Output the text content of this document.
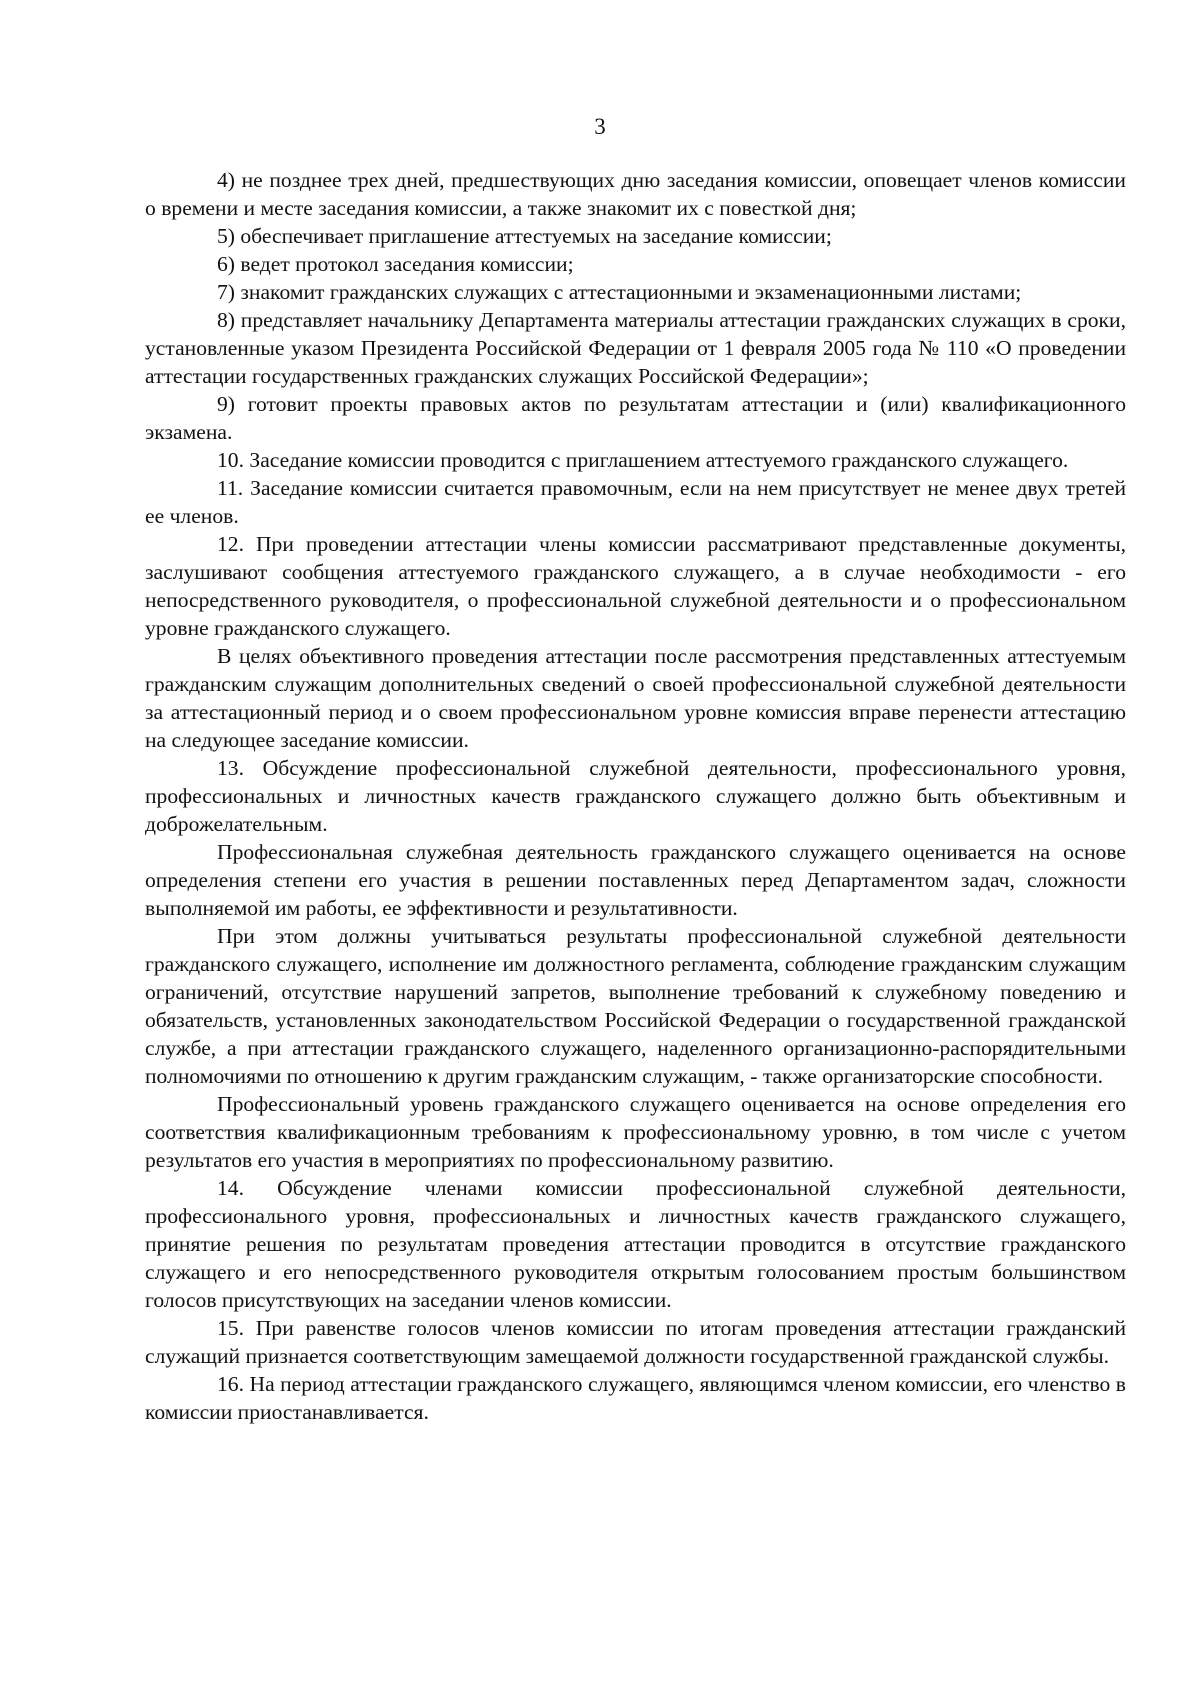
3

4) не позднее трех дней, предшествующих дню заседания комиссии, оповещает членов комиссии о времени и месте заседания комиссии, а также знакомит их с повесткой дня;

5) обеспечивает приглашение аттестуемых на заседание комиссии;

6) ведет протокол заседания комиссии;

7) знакомит гражданских служащих с аттестационными и экзаменационными листами;

8) представляет начальнику Департамента материалы аттестации гражданских служащих в сроки, установленные указом Президента Российской Федерации от 1 февраля 2005 года № 110 «О проведении аттестации государственных гражданских служащих Российской Федерации»;

9) готовит проекты правовых актов по результатам аттестации и (или) квалификационного экзамена.

10. Заседание комиссии проводится с приглашением аттестуемого гражданского служащего.

11. Заседание комиссии считается правомочным, если на нем присутствует не менее двух третей ее членов.

12. При проведении аттестации члены комиссии рассматривают представленные документы, заслушивают сообщения аттестуемого гражданского служащего, а в случае необходимости - его непосредственного руководителя, о профессиональной служебной деятельности и о профессиональном уровне гражданского служащего.

В целях объективного проведения аттестации после рассмотрения представленных аттестуемым гражданским служащим дополнительных сведений о своей профессиональной служебной деятельности за аттестационный период и о своем профессиональном уровне комиссия вправе перенести аттестацию на следующее заседание комиссии.

13. Обсуждение профессиональной служебной деятельности, профессионального уровня, профессиональных и личностных качеств гражданского служащего должно быть объективным и доброжелательным.

Профессиональная служебная деятельность гражданского служащего оценивается на основе определения степени его участия в решении поставленных перед Департаментом задач, сложности выполняемой им работы, ее эффективности и результативности.

При этом должны учитываться результаты профессиональной служебной деятельности гражданского служащего, исполнение им должностного регламента, соблюдение гражданским служащим ограничений, отсутствие нарушений запретов, выполнение требований к служебному поведению и обязательств, установленных законодательством Российской Федерации о государственной гражданской службе, а при аттестации гражданского служащего, наделенного организационно-распорядительными полномочиями по отношению к другим гражданским служащим, - также организаторские способности.

Профессиональный уровень гражданского служащего оценивается на основе определения его соответствия квалификационным требованиям к профессиональному уровню, в том числе с учетом результатов его участия в мероприятиях по профессиональному развитию.

14. Обсуждение членами комиссии профессиональной служебной деятельности, профессионального уровня, профессиональных и личностных качеств гражданского служащего, принятие решения по результатам проведения аттестации проводится в отсутствие гражданского служащего и его непосредственного руководителя открытым голосованием простым большинством голосов присутствующих на заседании членов комиссии.

15. При равенстве голосов членов комиссии по итогам проведения аттестации гражданский служащий признается соответствующим замещаемой должности государственной гражданской службы.

16. На период аттестации гражданского служащего, являющимся членом комиссии, его членство в комиссии приостанавливается.
